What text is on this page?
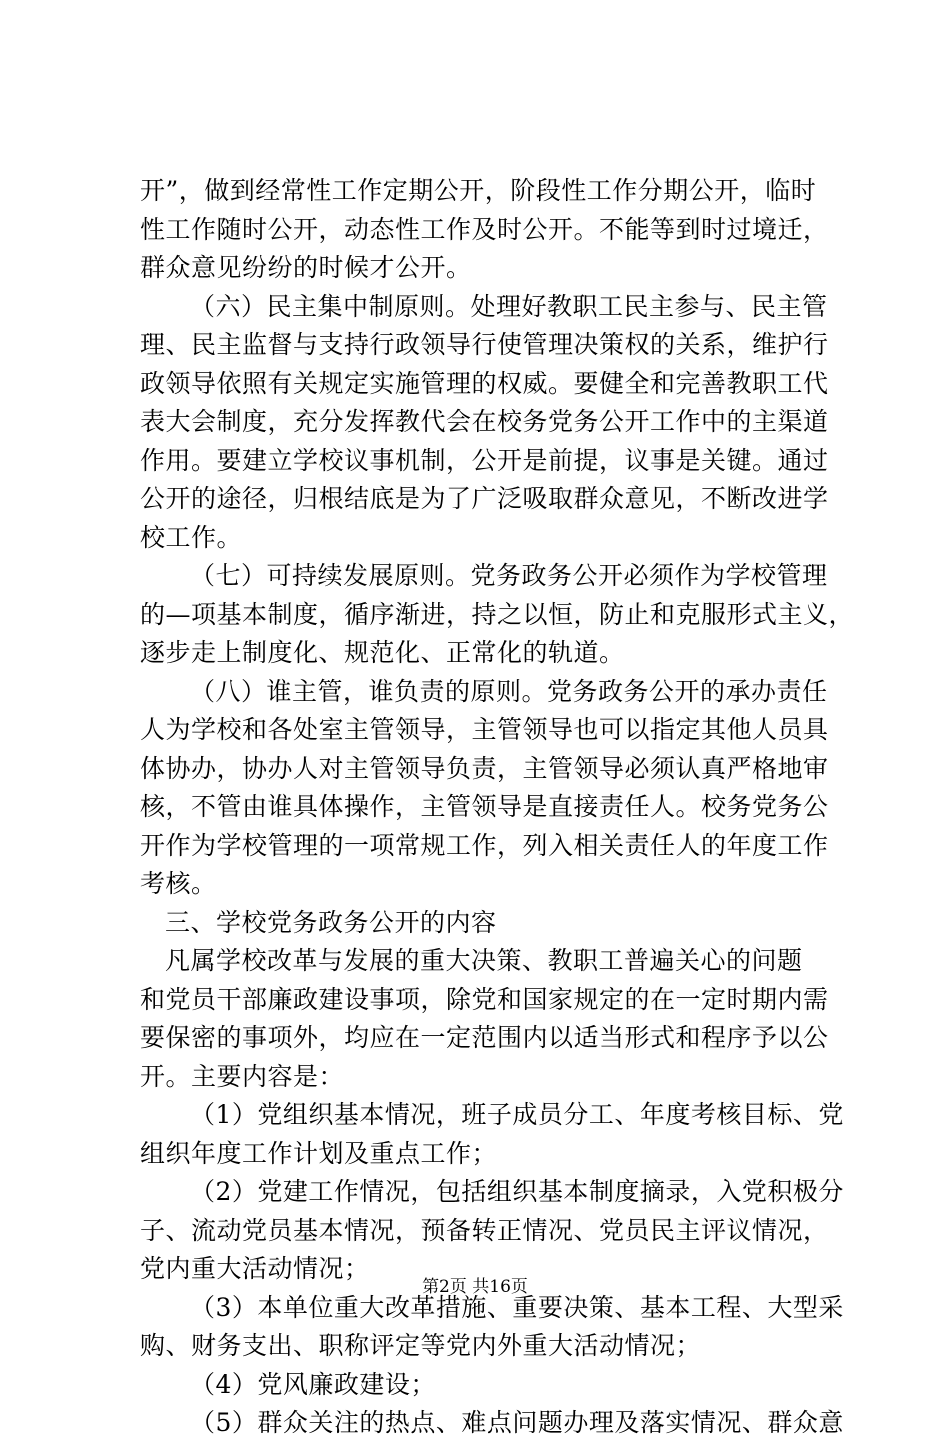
开”，做到经常性工作定期公开，阶段性工作分期公开，临时
性工作随时公开，动态性工作及时公开。不能等到时过境迁，
群众意见纷纷的时候才公开。
（六）民主集中制原则。处理好教职工民主参与、民主管
理、民主监督与支持行政领导行使管理决策权的关系，维护行
政领导依照有关规定实施管理的权威。要健全和完善教职工代
表大会制度，充分发挥教代会在校务党务公开工作中的主渠道
作用。要建立学校议事机制，公开是前提，议事是关键。通过
公开的途径，归根结底是为了广泛吸取群众意见，不断改进学
校工作。
（七）可持续发展原则。党务政务公开必须作为学校管理
的—项基本制度，循序渐进，持之以恒，防止和克服形式主义，
逐步走上制度化、规范化、正常化的轨道。
（八）谁主管，谁负责的原则。党务政务公开的承办责任
人为学校和各处室主管领导，主管领导也可以指定其他人员具
体协办，协办人对主管领导负责，主管领导必须认真严格地审
核，不管由谁具体操作，主管领导是直接责任人。校务党务公
开作为学校管理的一项常规工作，列入相关责任人的年度工作
考核。
三、学校党务政务公开的内容
凡属学校改革与发展的重大决策、教职工普遍关心的问题
和党员干部廉政建设事项，除党和国家规定的在一定时期内需
要保密的事项外，均应在一定范围内以适当形式和程序予以公
开。主要内容是：
（1）党组织基本情况，班子成员分工、年度考核目标、党
组织年度工作计划及重点工作；
（2）党建工作情况，包括组织基本制度摘录，入党积极分
子、流动党员基本情况，预备转正情况、党员民主评议情况，
党内重大活动情况；
（3）本单位重大改革措施、重要决策、基本工程、大型采
购、财务支出、职称评定等党内外重大活动情况；
（4）党风廉政建设；
（5）群众关注的热点、难点问题办理及落实情况、群众意
第2页 共16页
